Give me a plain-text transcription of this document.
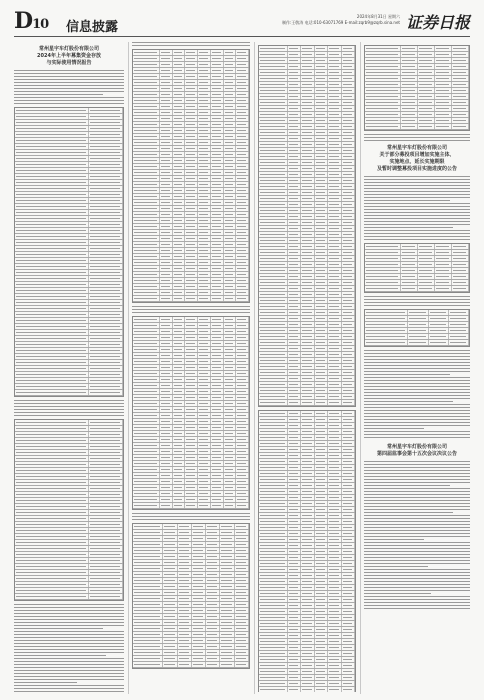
D10 信息披露
2024年8月31日 星期六
制作:王敬涛 电话:010-63071769 E-mail:zqrb9@zqrb.sina.net 证券日报
常州星宇车灯股份有限公司
2024年上半年募集资金存放
与实际使用情况报告
常州星宇车灯股份有限公司
关于部分募投项目增加实施主体、
实施地点、延长实施期限
及暂时调整募投项目实施进度的公告
常州星宇车灯股份有限公司
第四届监事会第十五次会议决议公告
